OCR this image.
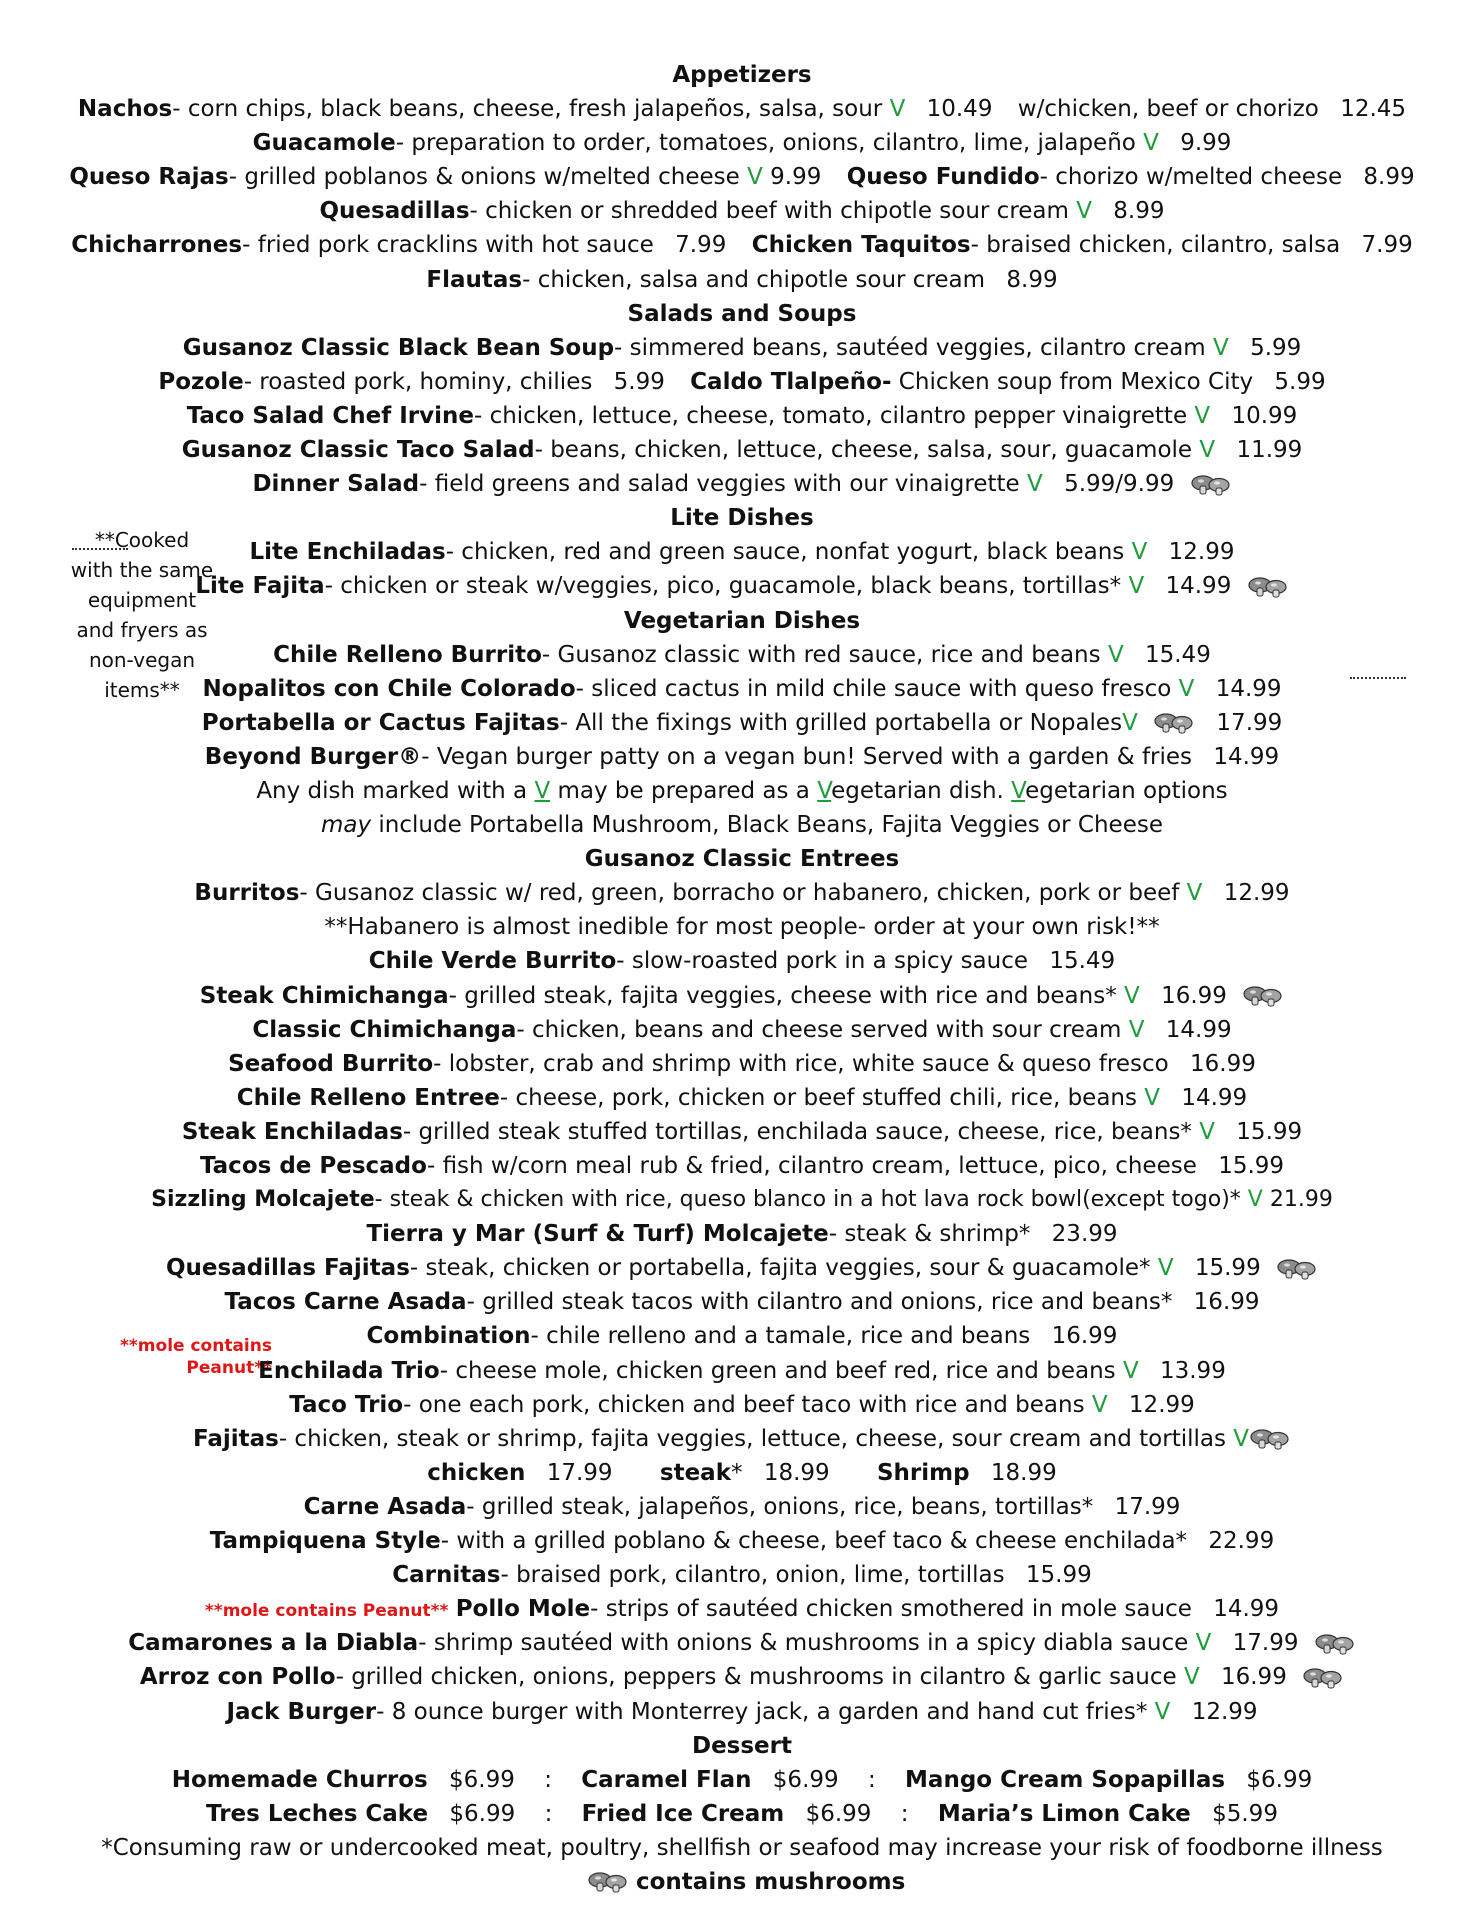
**Cooked
with the same
equipment
and fryers as
non-vegan
items**
**mole contains
Peanut**
Appetizers
Nachos- corn chips, black beans, cheese, fresh jalapeños, salsa, sour V 10.49 w/chicken, beef or chorizo 12.45
Guacamole- preparation to order, tomatoes, onions, cilantro, lime, jalapeño V 9.99
Queso Rajas- grilled poblanos & onions w/melted cheese V 9.99 Queso Fundido- chorizo w/melted cheese 8.99
Quesadillas- chicken or shredded beef with chipotle sour cream V 8.99
Chicharrones- fried pork cracklins with hot sauce 7.99 Chicken Taquitos- braised chicken, cilantro, salsa 7.99
Flautas- chicken, salsa and chipotle sour cream 8.99
Salads and Soups
Gusanoz Classic Black Bean Soup- simmered beans, sautéed veggies, cilantro cream V 5.99
Pozole- roasted pork, hominy, chilies 5.99 Caldo Tlalpeño- Chicken soup from Mexico City 5.99
Taco Salad Chef Irvine- chicken, lettuce, cheese, tomato, cilantro pepper vinaigrette V 10.99
Gusanoz Classic Taco Salad- beans, chicken, lettuce, cheese, salsa, sour, guacamole V 11.99
Dinner Salad- field greens and salad veggies with our vinaigrette V 5.99/9.99
Lite Dishes
Lite Enchiladas- chicken, red and green sauce, nonfat yogurt, black beans V 12.99
Lite Fajita- chicken or steak w/veggies, pico, guacamole, black beans, tortillas* V 14.99
Vegetarian Dishes
Chile Relleno Burrito- Gusanoz classic with red sauce, rice and beans V 15.49
Nopalitos con Chile Colorado- sliced cactus in mild chile sauce with queso fresco V 14.99
Portabella or Cactus Fajitas- All the fixings with grilled portabella or NopalesV	17.99
Beyond Burger®- Vegan burger patty on a vegan bun! Served with a garden & fries 14.99
Any dish marked with a V may be prepared as a Vegetarian dish. Vegetarian options
may include Portabella Mushroom, Black Beans, Fajita Veggies or Cheese
Gusanoz Classic Entrees
Burritos- Gusanoz classic w/ red, green, borracho or habanero, chicken, pork or beef V 12.99
**Habanero is almost inedible for most people- order at your own risk!**
Chile Verde Burrito- slow-roasted pork in a spicy sauce 15.49
Steak Chimichanga- grilled steak, fajita veggies, cheese with rice and beans* V 16.99
Classic Chimichanga- chicken, beans and cheese served with sour cream V 14.99
Seafood Burrito- lobster, crab and shrimp with rice, white sauce & queso fresco 16.99
Chile Relleno Entree- cheese, pork, chicken or beef stuffed chili, rice, beans V 14.99
Steak Enchiladas- grilled steak stuffed tortillas, enchilada sauce, cheese, rice, beans* V 15.99
Tacos de Pescado- fish w/corn meal rub & fried, cilantro cream, lettuce, pico, cheese 15.99
Sizzling Molcajete- steak & chicken with rice, queso blanco in a hot lava rock bowl(except togo)* V 21.99
Tierra y Mar (Surf & Turf) Molcajete- steak & shrimp* 23.99
Quesadillas Fajitas- steak, chicken or portabella, fajita veggies, sour & guacamole* V 15.99
Tacos Carne Asada- grilled steak tacos with cilantro and onions, rice and beans* 16.99
Combination- chile relleno and a tamale, rice and beans 16.99
Enchilada Trio- cheese mole, chicken green and beef red, rice and beans V 13.99
Taco Trio- one each pork, chicken and beef taco with rice and beans V 12.99
Fajitas- chicken, steak or shrimp, fajita veggies, lettuce, cheese, sour cream and tortillas V
chicken 17.99 steak* 18.99 Shrimp 18.99
Carne Asada- grilled steak, jalapeños, onions, rice, beans, tortillas* 17.99
Tampiquena Style- with a grilled poblano & cheese, beef taco & cheese enchilada* 22.99
Carnitas- braised pork, cilantro, onion, lime, tortillas 15.99
**mole contains Peanut** Pollo Mole- strips of sautéed chicken smothered in mole sauce 14.99
Camarones a la Diabla- shrimp sautéed with onions & mushrooms in a spicy diabla sauce V 17.99
Arroz con Pollo- grilled chicken, onions, peppers & mushrooms in cilantro & garlic sauce V 16.99
Jack Burger- 8 ounce burger with Monterrey jack, a garden and hand cut fries* V 12.99
Dessert
Homemade Churros $6.99 : Caramel Flan $6.99 : Mango Cream Sopapillas $6.99
Tres Leches Cake $6.99 : Fried Ice Cream $6.99 : Maria’s Limon Cake $5.99
*Consuming raw or undercooked meat, poultry, shellfish or seafood may increase your risk of foodborne illness
contains mushrooms
